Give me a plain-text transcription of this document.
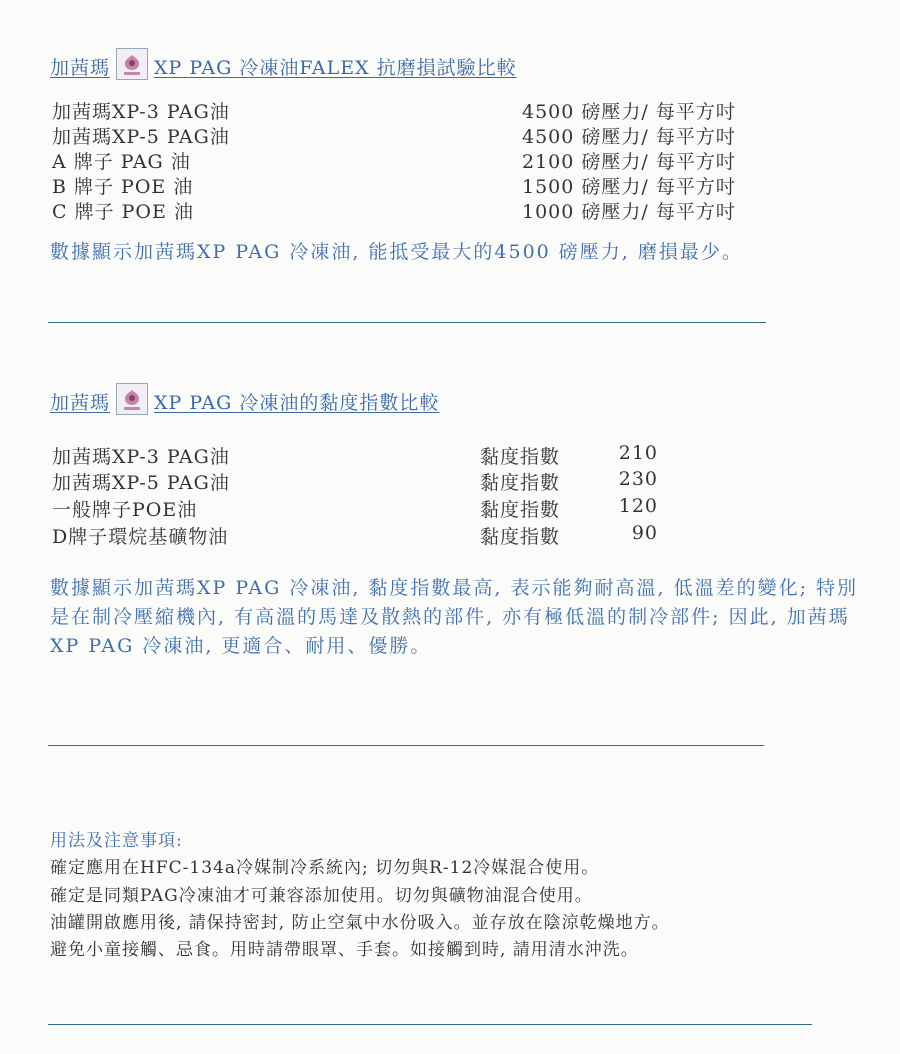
加茜瑪 XP PAG 冷凍油FALEX 抗磨損試驗比較
加茜瑪XP-3 PAG油	4500 磅壓力/ 每平方吋
加茜瑪XP-5 PAG油	4500 磅壓力/ 每平方吋
A 牌子 PAG 油	2100 磅壓力/ 每平方吋
B 牌子 POE 油	1500 磅壓力/ 每平方吋
C 牌子 POE 油	1000 磅壓力/ 每平方吋
數據顯示加茜瑪XP PAG 冷凍油, 能抵受最大的4500 磅壓力, 磨損最少。
加茜瑪 XP PAG 冷凍油的黏度指數比較
加茜瑪XP-3 PAG油	黏度指數	210
加茜瑪XP-5 PAG油	黏度指數	230
一般牌子POE油	黏度指數	120
D牌子環烷基礦物油	黏度指數	90
數據顯示加茜瑪XP PAG 冷凍油, 黏度指數最高, 表示能夠耐高溫, 低溫差的變化; 特別是在制冷壓縮機內, 有高溫的馬達及散熱的部件, 亦有極低溫的制冷部件; 因此, 加茜瑪 XP PAG 冷凍油, 更適合、耐用、優勝。
用法及注意事項:
確定應用在HFC-134a冷媒制冷系統內; 切勿與R-12冷媒混合使用。
確定是同類PAG冷凍油才可兼容添加使用。切勿與礦物油混合使用。
油罐開啟應用後, 請保持密封, 防止空氣中水份吸入。並存放在陰涼乾燥地方。
避免小童接觸、忌食。用時請帶眼罩、手套。如接觸到時, 請用清水沖洗。
